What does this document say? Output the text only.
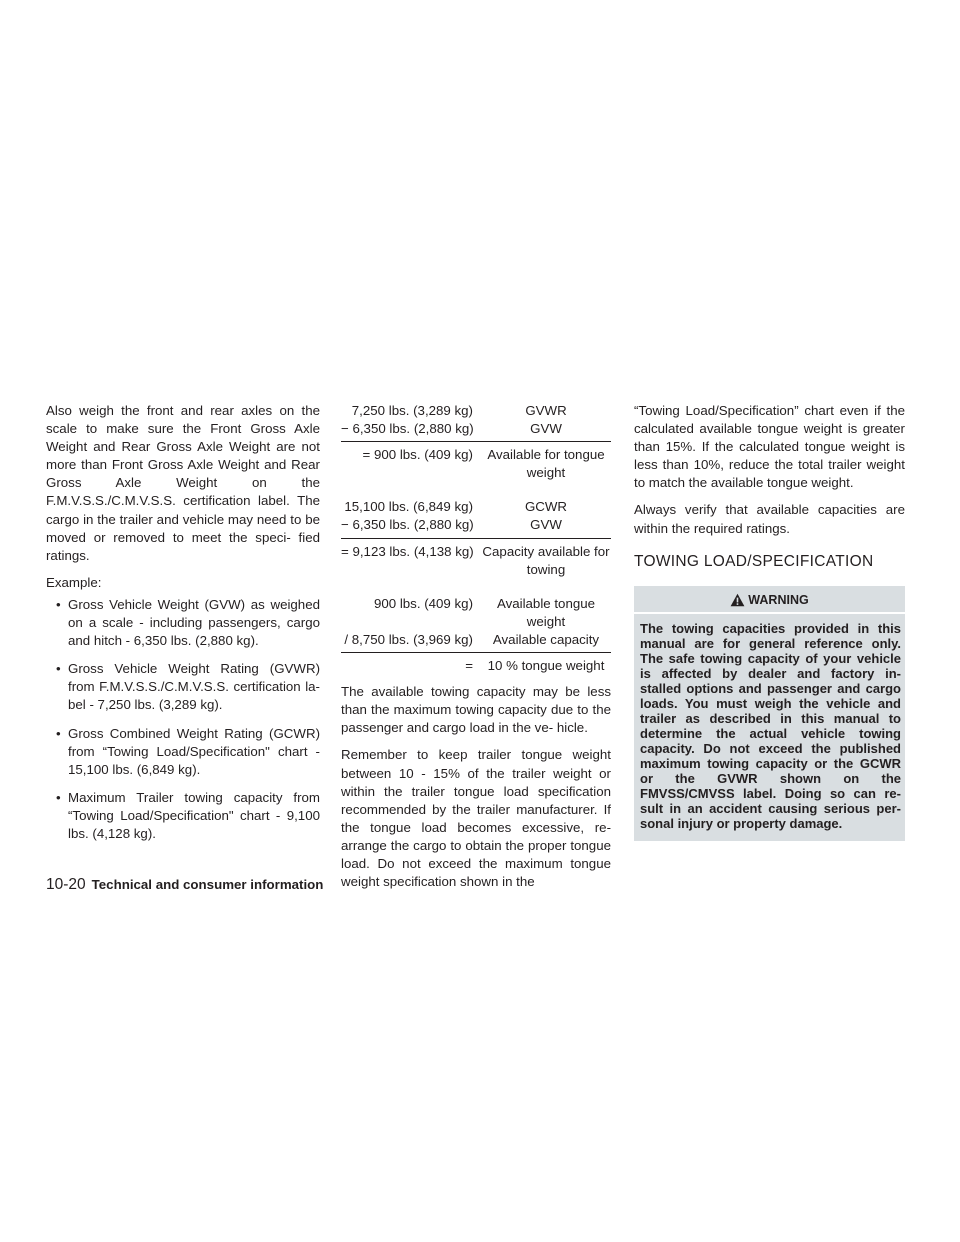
Also weigh the front and rear axles on the scale to make sure the Front Gross Axle Weight and Rear Gross Axle Weight are not more than Front Gross Axle Weight and Rear Gross Axle Weight on the F.M.V.S.S./C.M.V.S.S. certification label. The cargo in the trailer and vehicle may need to be moved or removed to meet the speci- fied ratings.

Example:

• Gross Vehicle Weight (GVW) as weighed on a scale - including passengers, cargo and hitch - 6,350 lbs. (2,880 kg).
• Gross Vehicle Weight Rating (GVWR) from F.M.V.S.S./C.M.V.S.S. certification la- bel - 7,250 lbs. (3,289 kg).
• Gross Combined Weight Rating (GCWR) from “Towing Load/Specification" chart - 15,100 lbs. (6,849 kg).
• Maximum Trailer towing capacity from “Towing Load/Specification" chart - 9,100 lbs. (4,128 kg).
7,250 lbs. (3,289 kg)	GVWR
− 6,350 lbs. (2,880 kg)	GVW
= 900 lbs. (409 kg)	Available for tongue weight
15,100 lbs. (6,849 kg)	GCWR
− 6,350 lbs. (2,880 kg)	GVW
= 9,123 lbs. (4,138 kg) Capacity available for towing
900 lbs. (409 kg)	Available tongue weight
/ 8,750 lbs. (3,969 kg)	Available capacity
=	10 % tongue weight

The available towing capacity may be less than the maximum towing capacity due to the passenger and cargo load in the ve- hicle.

Remember to keep trailer tongue weight between 10 - 15% of the trailer weight or within the trailer tongue load specification recommended by the trailer manufacturer. If the tongue load becomes excessive, re- arrange the cargo to obtain the proper tongue load. Do not exceed the maximum tongue weight specification shown in the

“Towing Load/Specification” chart even if the calculated available tongue weight is greater than 15%. If the calculated tongue weight is less than 10%, reduce the total trailer weight to match the available tongue weight.

Always verify that available capacities are within the required ratings.

TOWING LOAD/SPECIFICATION
WARNING
The towing capacities provided in this manual are for general reference only. The safe towing capacity of your vehicle is affected by dealer and factory in- stalled options and passenger and cargo loads. You must weigh the vehicle and trailer as described in this manual to determine the actual vehicle towing capacity. Do not exceed the published maximum towing capacity or the GCWR or the GVWR shown on the FMVSS/CMVSS label. Doing so can re- sult in an accident causing serious per- sonal injury or property damage.
10-20 Technical and consumer information
